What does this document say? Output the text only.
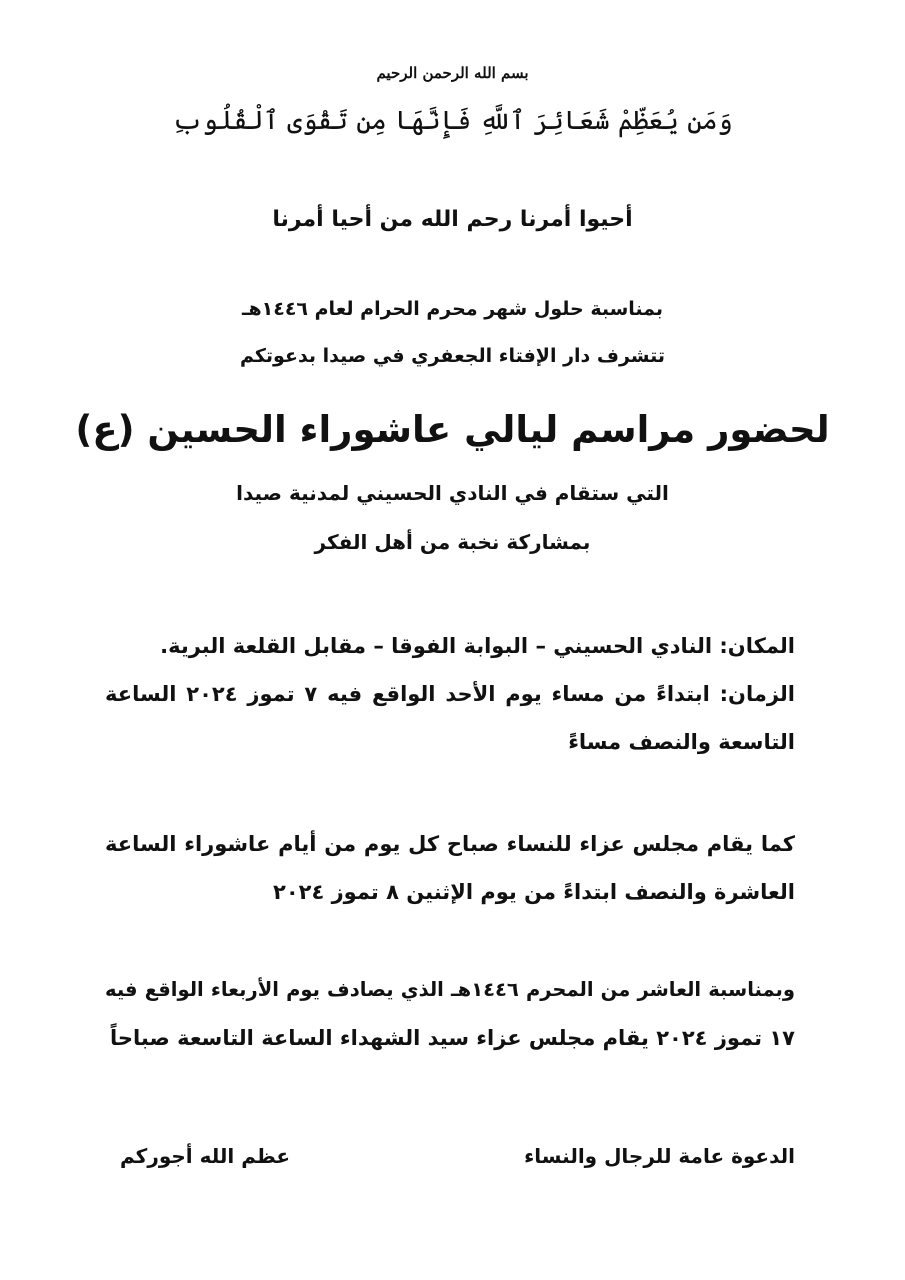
بسم الله الرحمن الرحيم

وَمَن يُعَظِّمْ شَعَائِرَ ٱللَّهِ فَإِنَّهَا مِن تَقْوَى ٱلْقُلُوبِ

أحيوا أمرنا رحم الله من أحيا أمرنا

بمناسبة حلول شهر محرم الحرام لعام ١٤٤٦هـ

تتشرف دار الإفتاء الجعفري في صيدا بدعوتكم

لحضور مراسم ليالي عاشوراء الحسين (ع)

التي ستقام في النادي الحسيني لمدنية صيدا

بمشاركة نخبة من أهل الفكر

المكان: النادي الحسيني – البوابة الفوقا – مقابل القلعة البرية.
الزمان: ابتداءً من مساء يوم الأحد الواقع فيه ٧ تموز ٢٠٢٤ الساعة
التاسعة والنصف مساءً
كما يقام مجلس عزاء للنساء صباح كل يوم من أيام عاشوراء الساعة
العاشرة والنصف ابتداءً من يوم الإثنين ٨ تموز ٢٠٢٤
وبمناسبة العاشر من المحرم ١٤٤٦هـ الذي يصادف يوم الأربعاء الواقع فيه
١٧ تموز ٢٠٢٤ يقام مجلس عزاء سيد الشهداء الساعة التاسعة صباحاً

الدعوة عامة للرجال والنساء

عظم الله أجوركم
